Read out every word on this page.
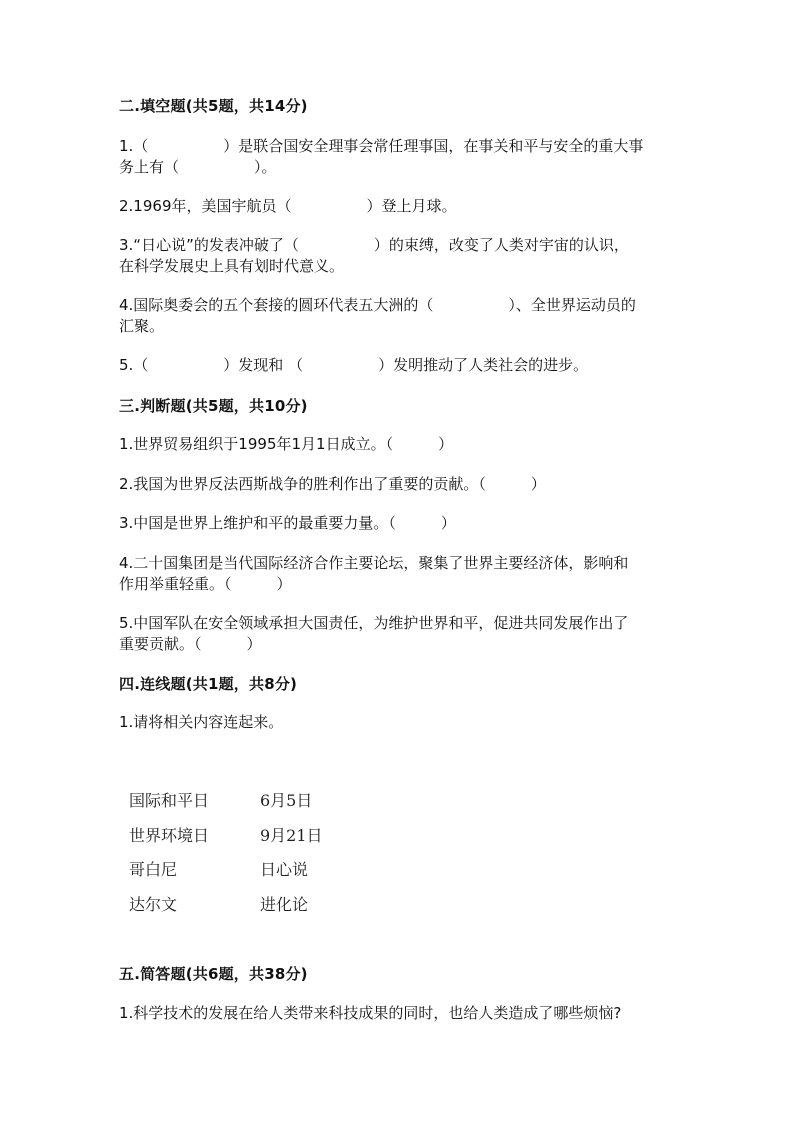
二.填空题(共5题，共14分)
1.（　　　　　）是联合国安全理事会常任理事国，在事关和平与安全的重大事
务上有（　　　　　）。
2.1969年，美国宇航员（　　　　　）登上月球。
3.“日心说”的发表冲破了（　　　　　）的束缚，改变了人类对宇宙的认识，
在科学发展史上具有划时代意义。
4.国际奥委会的五个套接的圆环代表五大洲的（　　　　　）、全世界运动员的
汇聚。
5.（　　　　　）发现和 （　　　　　）发明推动了人类社会的进步。
三.判断题(共5题，共10分)
1.世界贸易组织于1995年1月1日成立。（　　　）
2.我国为世界反法西斯战争的胜利作出了重要的贡献。（　　　）
3.中国是世界上维护和平的最重要力量。（　　　）
4.二十国集团是当代国际经济合作主要论坛，聚集了世界主要经济体，影响和
作用举重轻重。（　　　）
5.中国军队在安全领域承担大国责任，为维护世界和平，促进共同发展作出了
重要贡献。（　　　）
四.连线题(共1题，共8分)
1.请将相关内容连起来。
国际和平日
世界环境日
哥白尼
达尔文
6月5日
9月21日
日心说
进化论
五.简答题(共6题，共38分)
1.科学技术的发展在给人类带来科技成果的同时，也给人类造成了哪些烦恼?
